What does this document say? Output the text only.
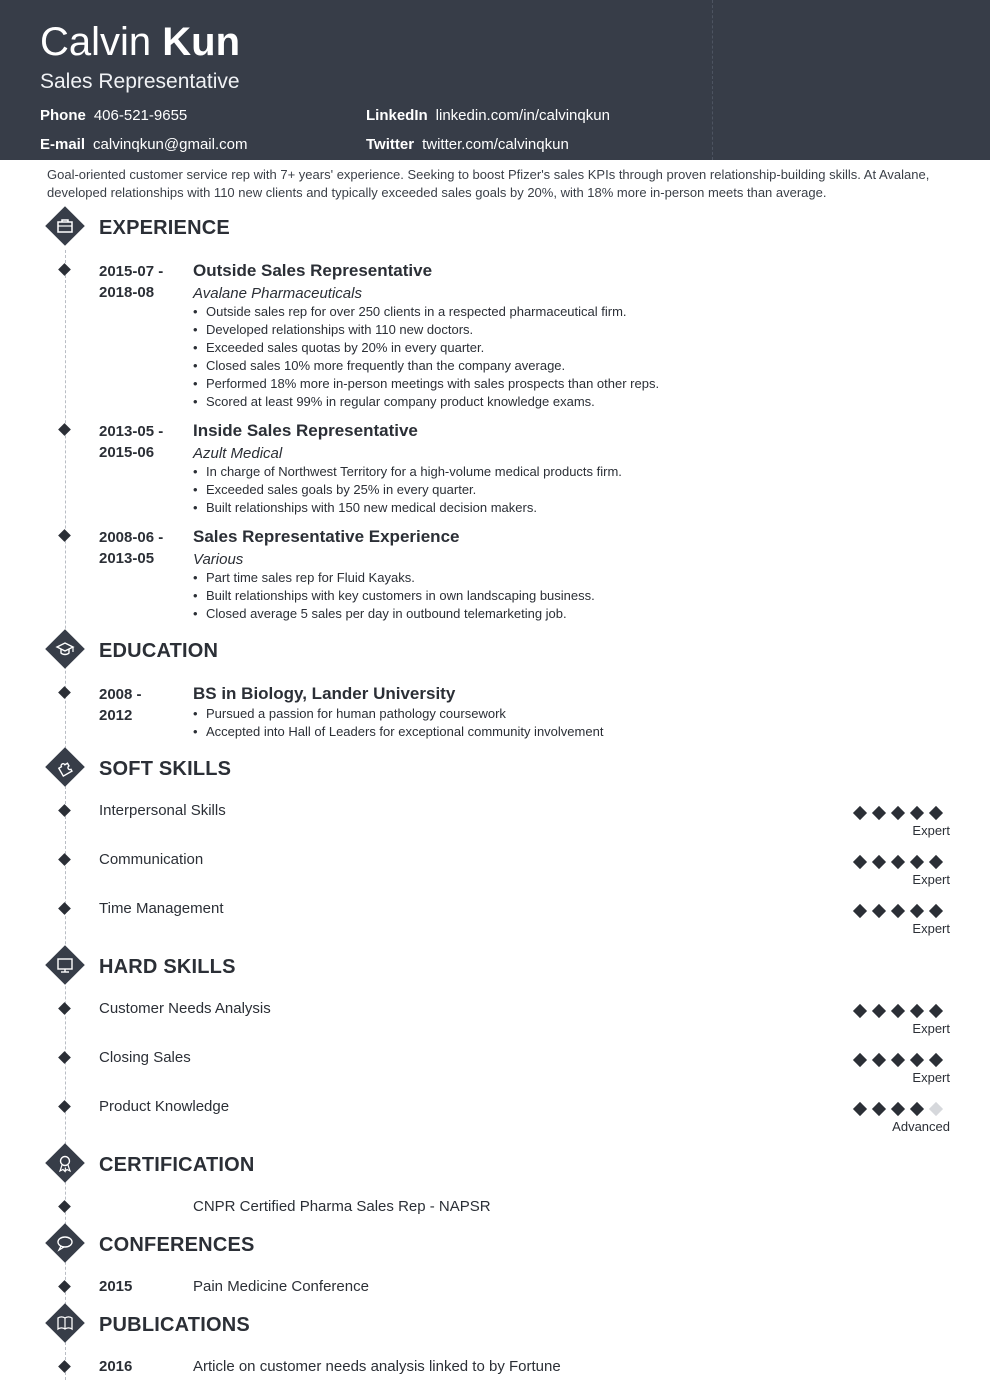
Calvin Kun
Sales Representative
Phone 406-521-9655
E-mail calvinqkun@gmail.com
LinkedIn linkedin.com/in/calvinqkun
Twitter twitter.com/calvinqkun
Goal-oriented customer service rep with 7+ years' experience. Seeking to boost Pfizer's sales KPIs through proven relationship-building skills. At Avalane, developed relationships with 110 new clients and typically exceeded sales goals by 20%, with 18% more in-person meets than average.
EXPERIENCE
2015-07 -
2018-08
Outside Sales Representative
Avalane Pharmaceuticals
• Outside sales rep for over 250 clients in a respected pharmaceutical firm.
• Developed relationships with 110 new doctors.
• Exceeded sales quotas by 20% in every quarter.
• Closed sales 10% more frequently than the company average.
• Performed 18% more in-person meetings with sales prospects than other reps.
• Scored at least 99% in regular company product knowledge exams.
2013-05 -
2015-06
Inside Sales Representative
Azult Medical
• In charge of Northwest Territory for a high-volume medical products firm.
• Exceeded sales goals by 25% in every quarter.
• Built relationships with 150 new medical decision makers.
2008-06 -
2013-05
Sales Representative Experience
Various
• Part time sales rep for Fluid Kayaks.
• Built relationships with key customers in own landscaping business.
• Closed average 5 sales per day in outbound telemarketing job.
EDUCATION
2008 -
2012
BS in Biology, Lander University
• Pursued a passion for human pathology coursework
• Accepted into Hall of Leaders for exceptional community involvement
SOFT SKILLS
HARD SKILLS
CERTIFICATION
CNPR Certified Pharma Sales Rep - NAPSR
CONFERENCES
2015	Pain Medicine Conference
PUBLICATIONS
2016	Article on customer needs analysis linked to by Fortune
Interpersonal Skills
Expert
Communication
Expert
Time Management
Expert
Customer Needs Analysis
Expert
Closing Sales
Expert
Product Knowledge
Advanced
